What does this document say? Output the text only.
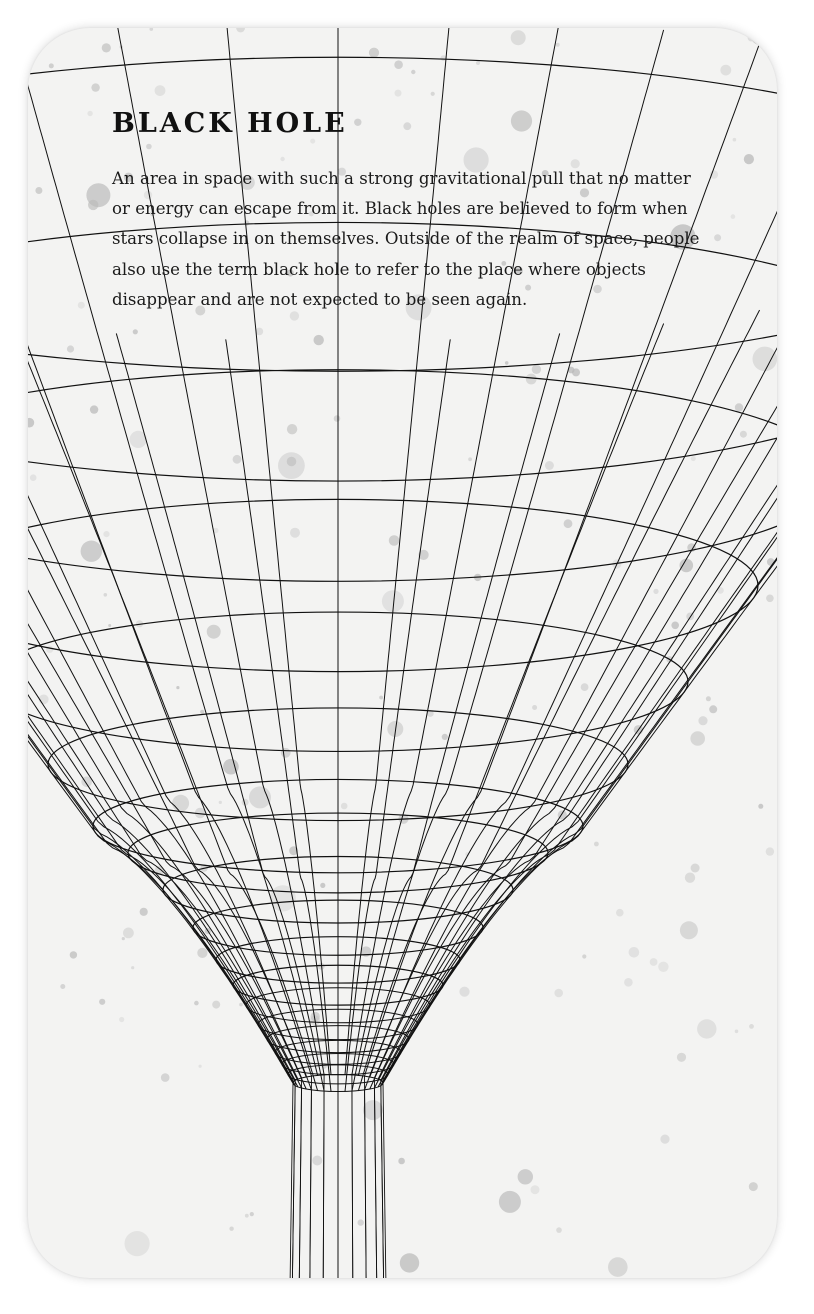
BLACK HOLE

An area in space with such a strong gravitational pull that no matter or energy can escape from it. Black holes are believed to form when stars collapse in on themselves. Outside of the realm of space, people also use the term black hole to refer to the place where objects disappear and are not expected to be seen again.
